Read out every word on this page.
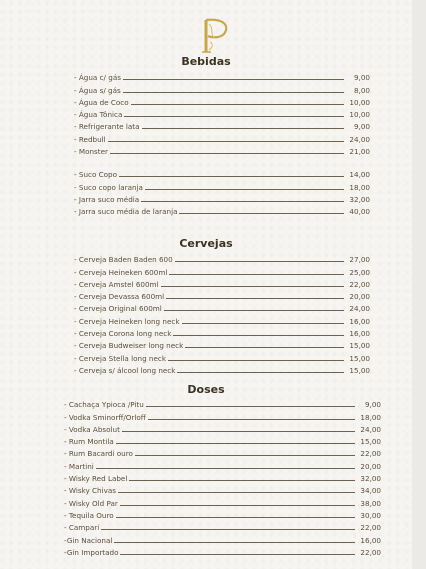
Bebidas
- Água c/ gás	9,00
- Água s/ gás	8,00
- Água de Coco	10,00
- Água Tônica	10,00
- Refrigerante lata	9,00
- Redbull	24,00
- Monster	21,00
- Suco Copo	14,00
- Suco copo laranja	18,00
- Jarra suco média	32,00
- Jarra suco média de laranja	40,00
Cervejas
- Cerveja Baden Baden 600	27,00
- Cerveja Heineken 600ml	25,00
- Cerveja Amstel 600ml	22,00
- Cerveja Devassa 600ml	20,00
- Cerveja Original 600ml	24,00
- Cerveja Heineken long neck	16,00
- Cerveja Corona long neck	16,00
- Cerveja Budweiser long neck	15,00
- Cerveja Stella long neck	15,00
- Cerveja s/ álcool long neck	15,00
Doses
- Cachaça Ypioca /Pitu	9,00
- Vodka Sminorff/Orloff	18,00
- Vodka Absolut	24,00
- Rum Montila	15,00
- Rum Bacardi ouro	22,00
- Martini	20,00
- Wisky Red Label	32,00
- Wisky Chivas	34,00
- Wisky Old Par	38,00
- Tequila Ouro	30,00
- Campari	22,00
-Gin Nacional	16,00
-Gin Importado	22,00
